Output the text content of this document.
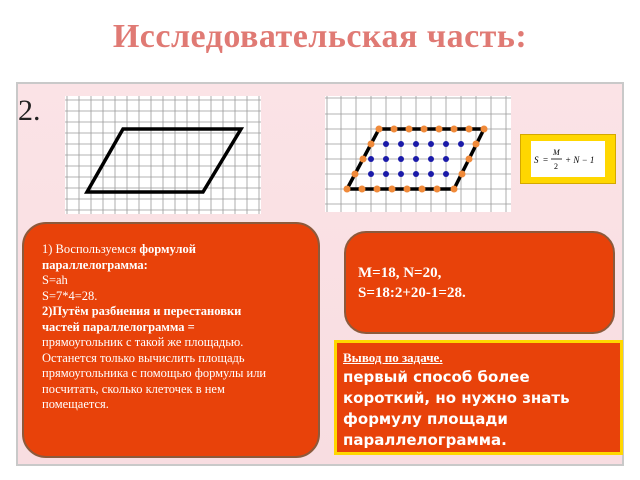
Исследовательская часть:
2.
S =
M
2
+ N − 1
1) Воспользуемся формулой
параллелограмма:
S=ah
S=7*4=28.
2)Путём разбиения и перестановки
частей параллелограмма =
прямоугольник с такой же площадью.
Останется только вычислить площадь
прямоугольника с помощью формулы или
посчитать, сколько клеточек в нем
помещается.
M=18, N=20,
S=18:2+20-1=28.
Вывод по задаче.
первый способ более
короткий, но нужно знать
формулу площади
параллелограмма.
